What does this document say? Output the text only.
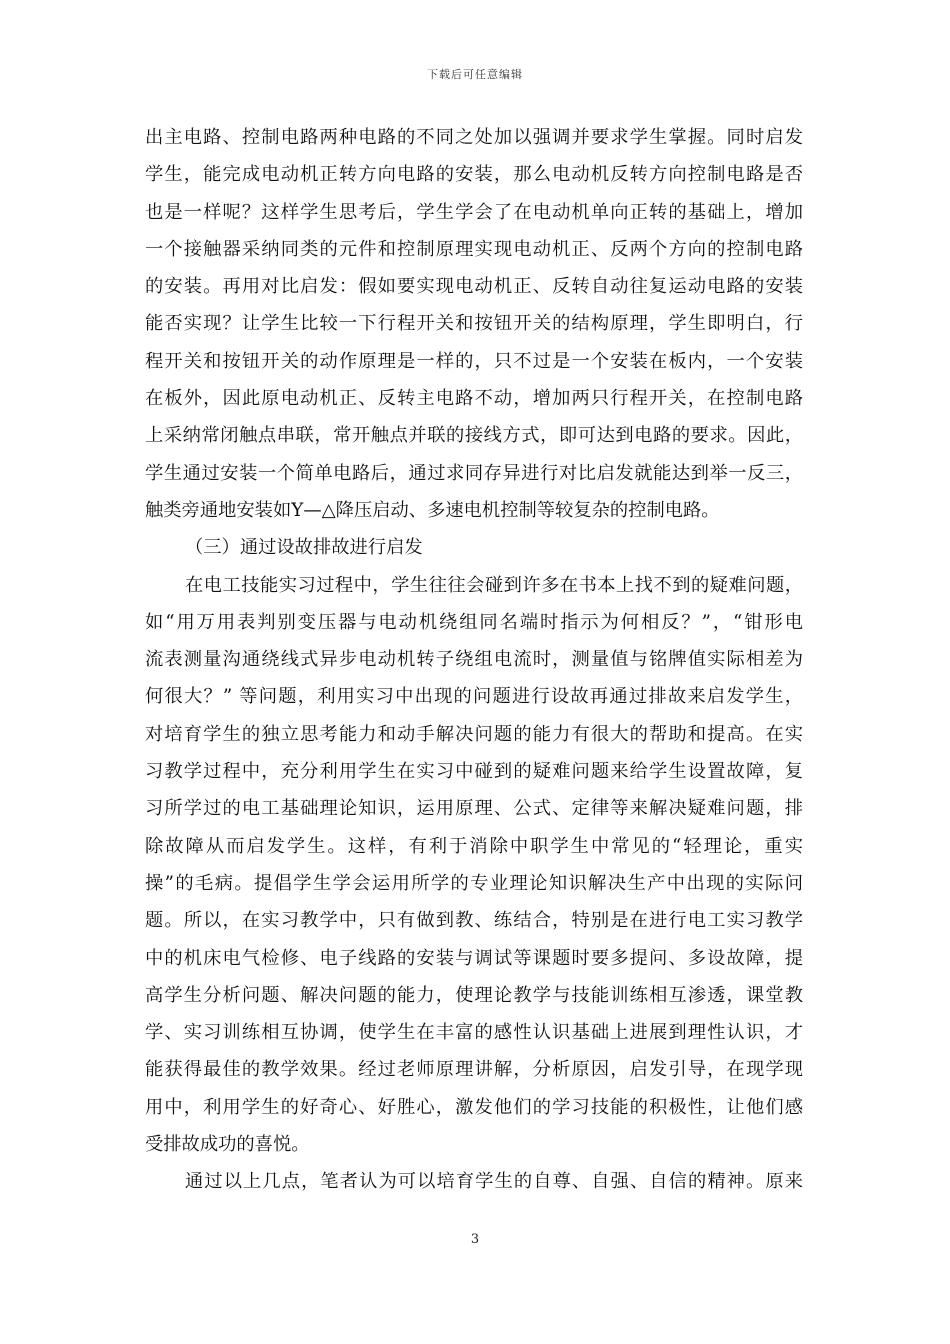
下载后可任意编辑
出主电路、控制电路两种电路的不同之处加以强调并要求学生掌握。同时启发
学生，能完成电动机正转方向电路的安装，那么电动机反转方向控制电路是否
也是一样呢？这样学生思考后，学生学会了在电动机单向正转的基础上，增加
一个接触器采纳同类的元件和控制原理实现电动机正、反两个方向的控制电路
的安装。再用对比启发：假如要实现电动机正、反转自动往复运动电路的安装
能否实现？让学生比较一下行程开关和按钮开关的结构原理，学生即明白，行
程开关和按钮开关的动作原理是一样的，只不过是一个安装在板内，一个安装
在板外，因此原电动机正、反转主电路不动，增加两只行程开关，在控制电路
上采纳常闭触点串联，常开触点并联的接线方式，即可达到电路的要求。因此，
学生通过安装一个简单电路后，通过求同存异进行对比启发就能达到举一反三，
触类旁通地安装如Y—△降压启动、多速电机控制等较复杂的控制电路。
（三）通过设故排故进行启发
在电工技能实习过程中，学生往往会碰到许多在书本上找不到的疑难问题，
如“用万用表判别变压器与电动机绕组同名端时指示为何相反？”，“钳形电
流表测量沟通绕线式异步电动机转子绕组电流时，测量值与铭牌值实际相差为
何很大？” 等问题，利用实习中出现的问题进行设故再通过排故来启发学生，
对培育学生的独立思考能力和动手解决问题的能力有很大的帮助和提高。在实
习教学过程中，充分利用学生在实习中碰到的疑难问题来给学生设置故障，复
习所学过的电工基础理论知识，运用原理、公式、定律等来解决疑难问题，排
除故障从而启发学生。这样，有利于消除中职学生中常见的“轻理论，重实
操”的毛病。提倡学生学会运用所学的专业理论知识解决生产中出现的实际问
题。所以，在实习教学中，只有做到教、练结合，特别是在进行电工实习教学
中的机床电气检修、电子线路的安装与调试等课题时要多提问、多设故障，提
高学生分析问题、解决问题的能力，使理论教学与技能训练相互渗透，课堂教
学、实习训练相互协调，使学生在丰富的感性认识基础上进展到理性认识，才
能获得最佳的教学效果。经过老师原理讲解，分析原因，启发引导，在现学现
用中，利用学生的好奇心、好胜心，激发他们的学习技能的积极性，让他们感
受排故成功的喜悦。
通过以上几点，笔者认为可以培育学生的自尊、自强、自信的精神。原来
3
